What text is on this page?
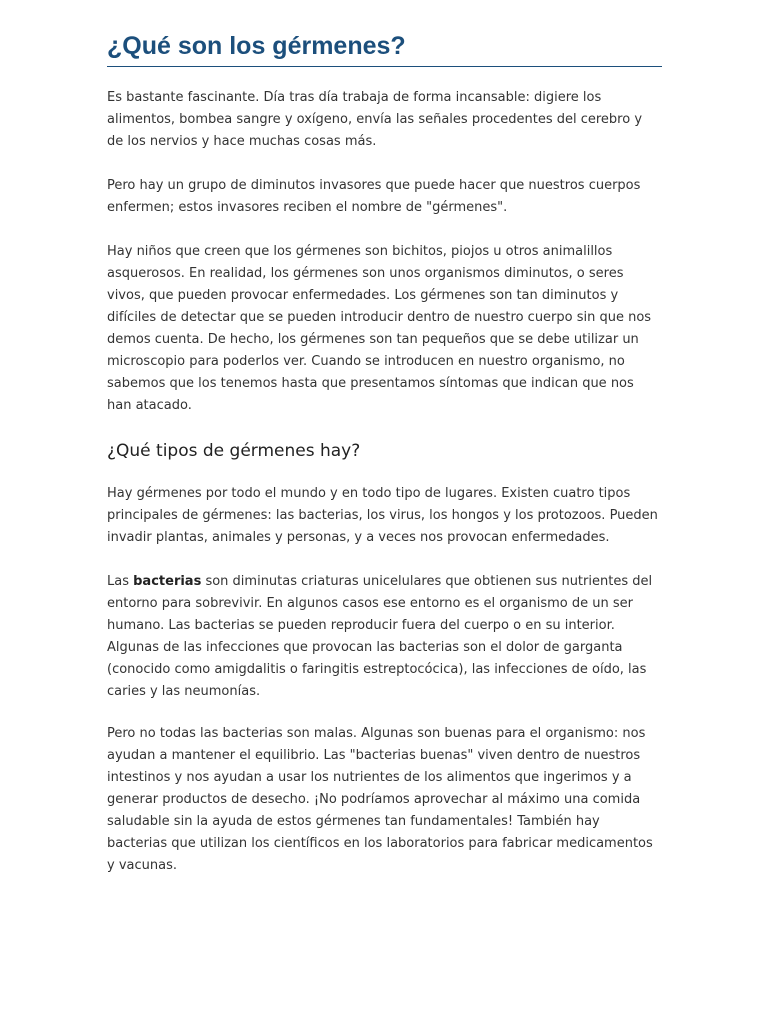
¿Qué son los gérmenes?

Es bastante fascinante. Día tras día trabaja de forma incansable: digiere los alimentos, bombea sangre y oxígeno, envía las señales procedentes del cerebro y de los nervios y hace muchas cosas más.

Pero hay un grupo de diminutos invasores que puede hacer que nuestros cuerpos enfermen; estos invasores reciben el nombre de "gérmenes".

Hay niños que creen que los gérmenes son bichitos, piojos u otros animalillos asquerosos. En realidad, los gérmenes son unos organismos diminutos, o seres vivos, que pueden provocar enfermedades. Los gérmenes son tan diminutos y difíciles de detectar que se pueden introducir dentro de nuestro cuerpo sin que nos demos cuenta. De hecho, los gérmenes son tan pequeños que se debe utilizar un microscopio para poderlos ver. Cuando se introducen en nuestro organismo, no sabemos que los tenemos hasta que presentamos síntomas que indican que nos han atacado.

¿Qué tipos de gérmenes hay?

Hay gérmenes por todo el mundo y en todo tipo de lugares. Existen cuatro tipos principales de gérmenes: las bacterias, los virus, los hongos y los protozoos. Pueden invadir plantas, animales y personas, y a veces nos provocan enfermedades.

Las bacterias son diminutas criaturas unicelulares que obtienen sus nutrientes del entorno para sobrevivir. En algunos casos ese entorno es el organismo de un ser humano. Las bacterias se pueden reproducir fuera del cuerpo o en su interior. Algunas de las infecciones que provocan las bacterias son el dolor de garganta (conocido como amigdalitis o faringitis estreptocócica), las infecciones de oído, las caries y las neumonías.

Pero no todas las bacterias son malas. Algunas son buenas para el organismo: nos ayudan a mantener el equilibrio. Las "bacterias buenas" viven dentro de nuestros intestinos y nos ayudan a usar los nutrientes de los alimentos que ingerimos y a generar productos de desecho. ¡No podríamos aprovechar al máximo una comida saludable sin la ayuda de estos gérmenes tan fundamentales! También hay bacterias que utilizan los científicos en los laboratorios para fabricar medicamentos y vacunas.
